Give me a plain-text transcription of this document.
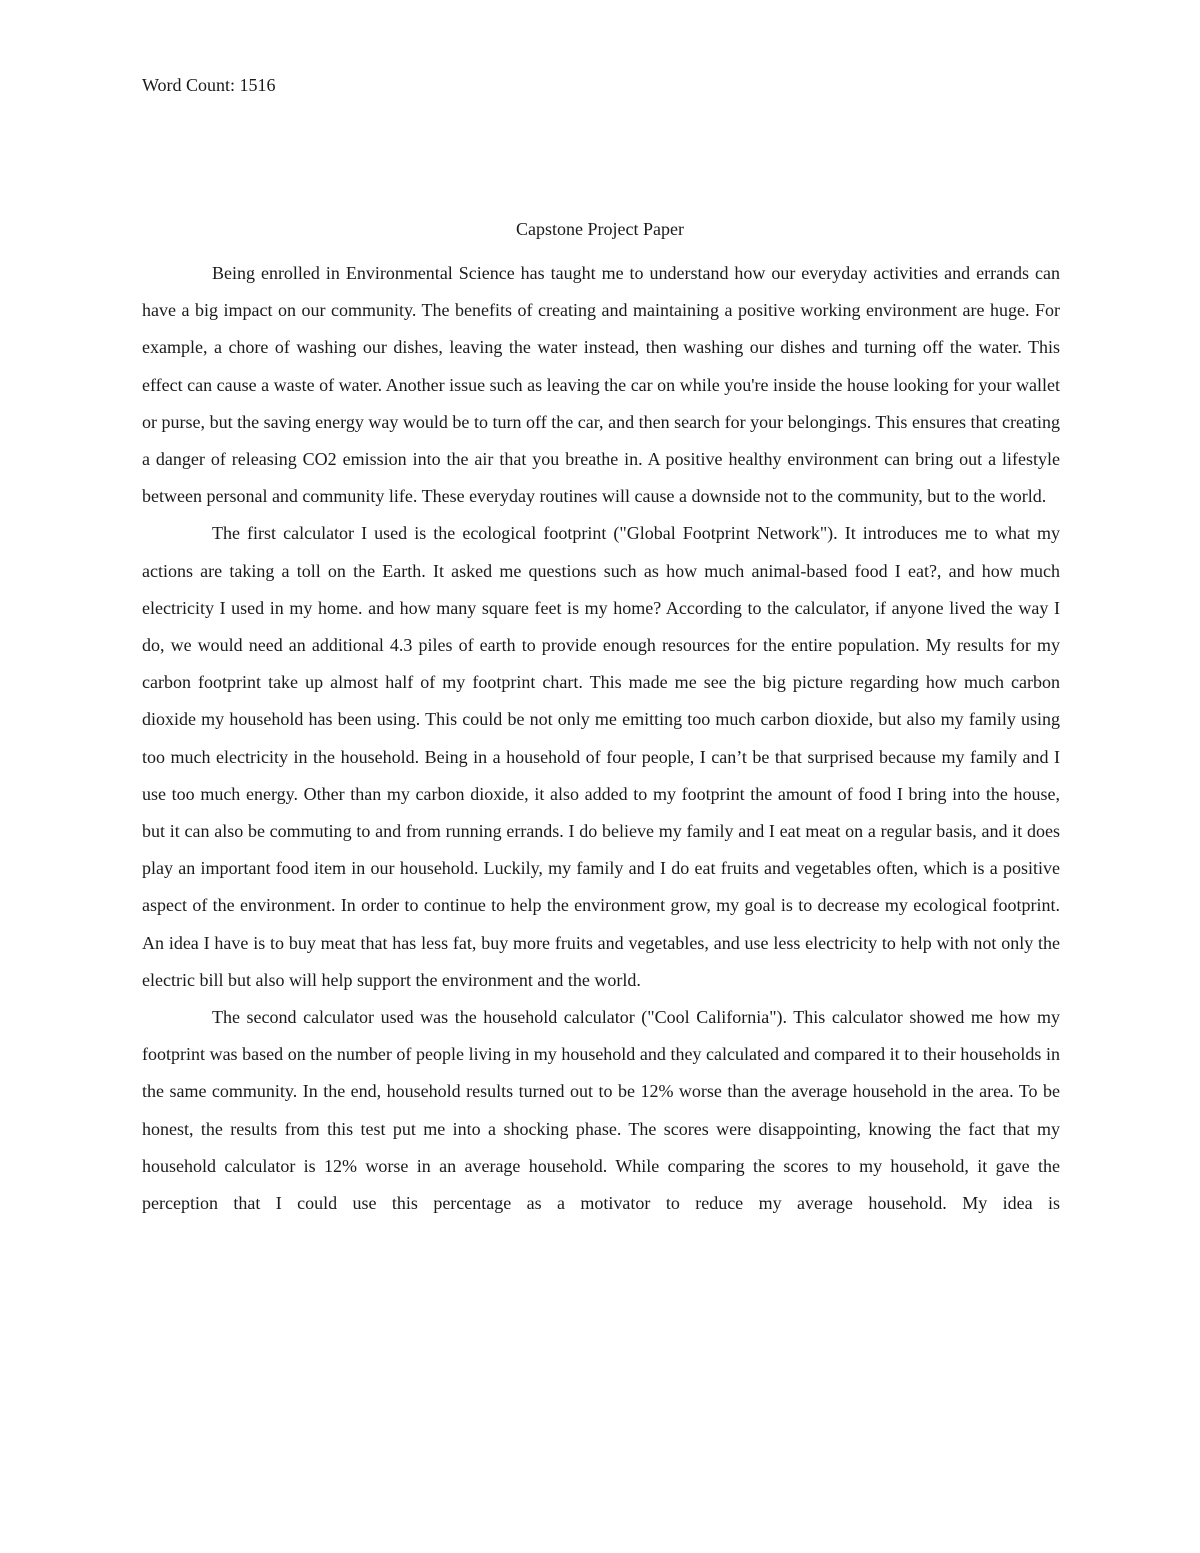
Word Count: 1516
Capstone Project Paper

Being enrolled in Environmental Science has taught me to understand how our everyday activities and errands can have a big impact on our community. The benefits of creating and maintaining a positive working environment are huge. For example, a chore of washing our dishes, leaving the water instead, then washing our dishes and turning off the water. This effect can cause a waste of water. Another issue such as leaving the car on while you're inside the house looking for your wallet or purse, but the saving energy way would be to turn off the car, and then search for your belongings. This ensures that creating a danger of releasing CO2 emission into the air that you breathe in. A positive healthy environment can bring out a lifestyle between personal and community life. These everyday routines will cause a downside not to the community, but to the world.

The first calculator I used is the ecological footprint ("Global Footprint Network"). It introduces me to what my actions are taking a toll on the Earth. It asked me questions such as how much animal-based food I eat?, and how much electricity I used in my home. and how many square feet is my home? According to the calculator, if anyone lived the way I do, we would need an additional 4.3 piles of earth to provide enough resources for the entire population. My results for my carbon footprint take up almost half of my footprint chart. This made me see the big picture regarding how much carbon dioxide my household has been using. This could be not only me emitting too much carbon dioxide, but also my family using too much electricity in the household. Being in a household of four people, I can’t be that surprised because my family and I use too much energy. Other than my carbon dioxide, it also added to my footprint the amount of food I bring into the house, but it can also be commuting to and from running errands. I do believe my family and I eat meat on a regular basis, and it does play an important food item in our household. Luckily, my family and I do eat fruits and vegetables often, which is a positive aspect of the environment. In order to continue to help the environment grow, my goal is to decrease my ecological footprint. An idea I have is to buy meat that has less fat, buy more fruits and vegetables, and use less electricity to help with not only the electric bill but also will help support the environment and the world.

The second calculator used was the household calculator ("Cool California"). This calculator showed me how my footprint was based on the number of people living in my household and they calculated and compared it to their households in the same community. In the end, household results turned out to be 12% worse than the average household in the area. To be honest, the results from this test put me into a shocking phase. The scores were disappointing, knowing the fact that my household calculator is 12% worse in an average household. While comparing the scores to my household, it gave the perception that I could use this percentage as a motivator to reduce my average household. My idea is
